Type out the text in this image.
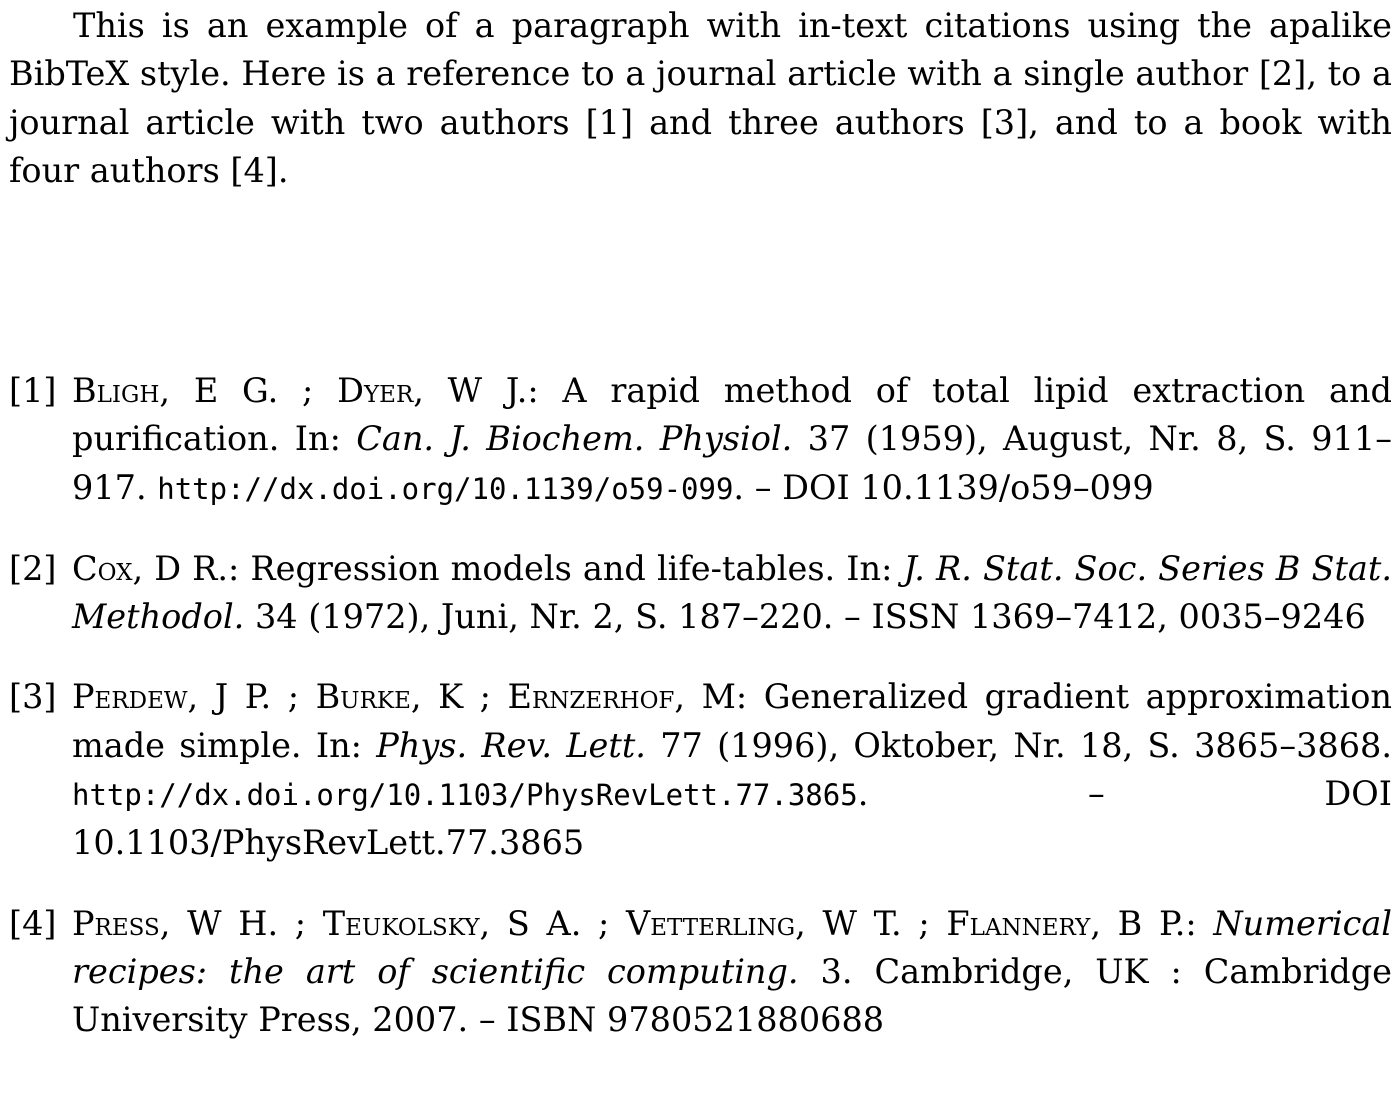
This is an example of a paragraph with in-text citations using the apalike BibTeX style. Here is a reference to a journal article with a single author [2], to a journal article with two authors [1] and three authors [3], and to a book with four authors [4].

[1] Bligh, E G. ; Dyer, W J.: A rapid method of total lipid extraction and purification. In: Can. J. Biochem. Physiol. 37 (1959), August, Nr. 8, S. 911–917. http://dx.doi.org/10.1139/o59-099. – DOI 10.1139/o59–099
[2] Cox, D R.: Regression models and life-tables. In: J. R. Stat. Soc. Series B Stat. Methodol. 34 (1972), Juni, Nr. 2, S. 187–220. – ISSN 1369–7412, 0035–9246
[3] Perdew, J P. ; Burke, K ; Ernzerhof, M: Generalized gradient approximation made simple. In: Phys. Rev. Lett. 77 (1996), Oktober, Nr. 18, S. 3865–3868. http://dx.doi.org/10.1103/PhysRevLett.77.3865. – DOI 10.1103/PhysRevLett.77.3865
[4] Press, W H. ; Teukolsky, S A. ; Vetterling, W T. ; Flannery, B P.: Numerical recipes: the art of scientific computing. 3. Cambridge, UK : Cambridge University Press, 2007. – ISBN 9780521880688
